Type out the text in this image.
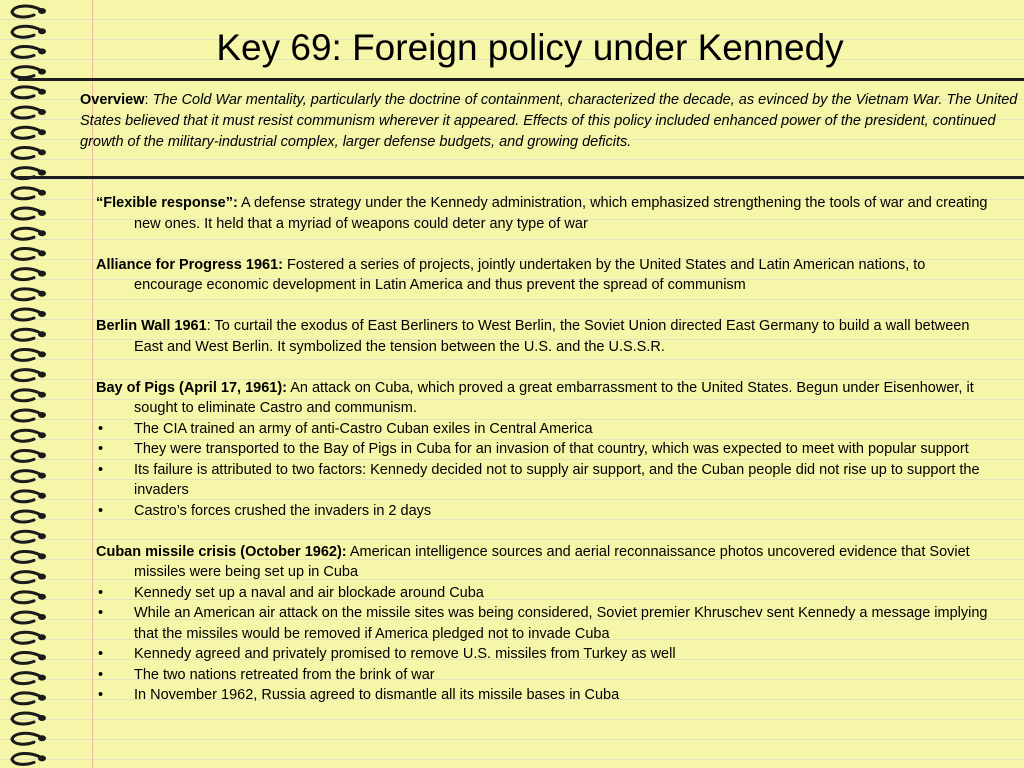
Key 69: Foreign policy under Kennedy
Overview: The Cold War mentality, particularly the doctrine of containment, characterized the decade, as evinced by the Vietnam War. The United States believed that it must resist communism wherever it appeared. Effects of this policy included enhanced power of the president, continued growth of the military-industrial complex, larger defense budgets, and growing deficits.

“Flexible response”: A defense strategy under the Kennedy administration, which emphasized strengthening the tools of war and creating new ones. It held that a myriad of weapons could deter any type of war

Alliance for Progress 1961: Fostered a series of projects, jointly undertaken by the United States and Latin American nations, to encourage economic development in Latin America and thus prevent the spread of communism

Berlin Wall 1961: To curtail the exodus of East Berliners to West Berlin, the Soviet Union directed East Germany to build a wall between East and West Berlin. It symbolized the tension between the U.S. and the U.S.S.R.

Bay of Pigs (April 17, 1961): An attack on Cuba, which proved a great embarrassment to the United States. Begun under Eisenhower, it sought to eliminate Castro and communism.

•	The CIA trained an army of anti-Castro Cuban exiles in Central America
•	They were transported to the Bay of Pigs in Cuba for an invasion of that country, which was expected to meet with popular support
•	Its failure is attributed to two factors: Kennedy decided not to supply air support, and the Cuban people did not rise up to support the invaders
•	Castro’s forces crushed the invaders in 2 days

Cuban missile crisis (October 1962): American intelligence sources and aerial reconnaissance photos uncovered evidence that Soviet missiles were being set up in Cuba

•	Kennedy set up a naval and air blockade around Cuba
•	While an American air attack on the missile sites was being considered, Soviet premier Khruschev sent Kennedy a message implying that the missiles would be removed if America pledged not to invade Cuba
•	Kennedy agreed and privately promised to remove U.S. missiles from Turkey as well
•	The two nations retreated from the brink of war
•	In November 1962, Russia agreed to dismantle all its missile bases in Cuba
